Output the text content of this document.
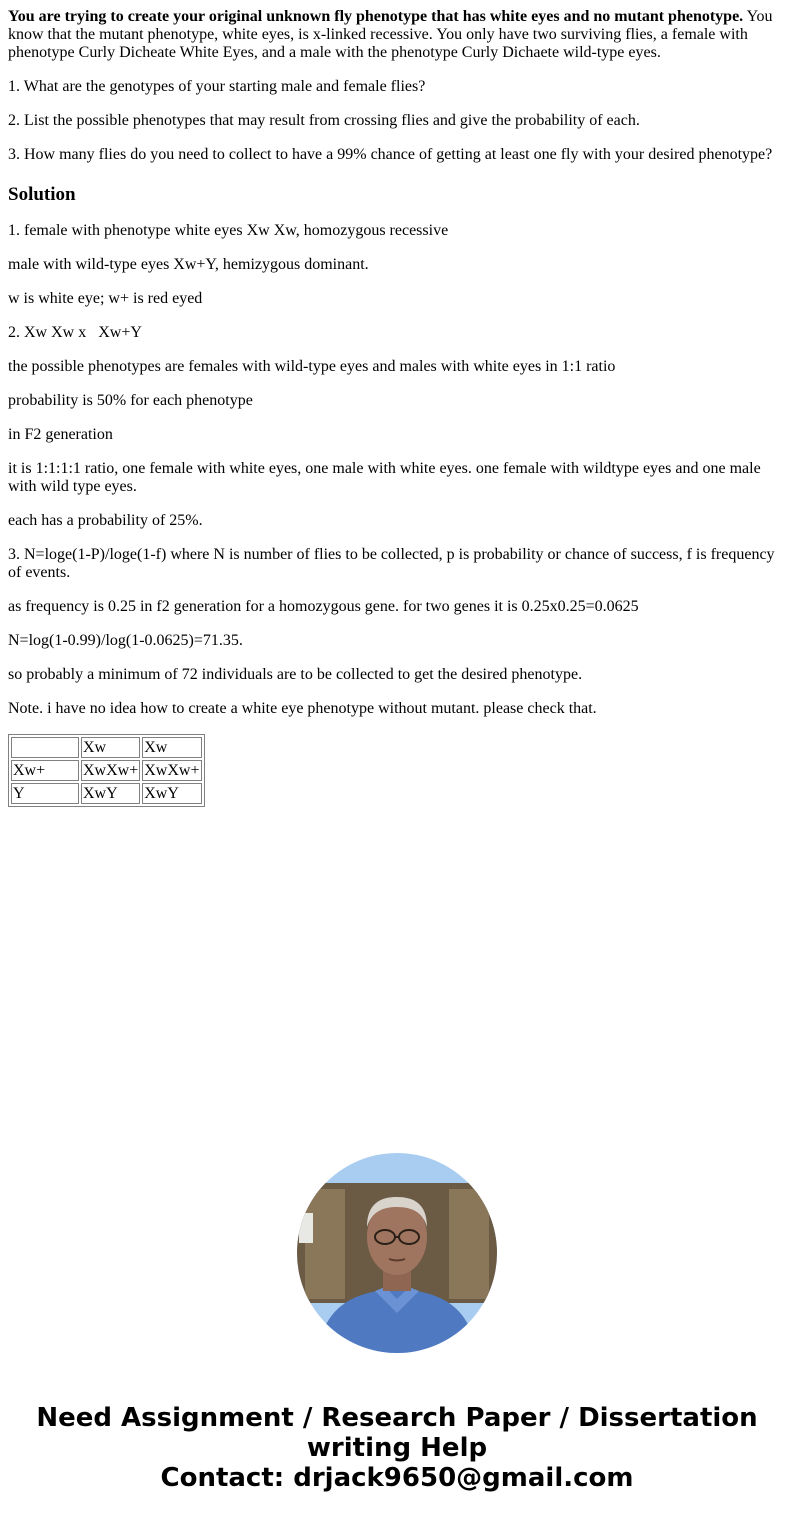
You are trying to create your original unknown fly phenotype that has white eyes and no mutant phenotype. You know that the mutant phenotype, white eyes, is x-linked recessive. You only have two surviving flies, a female with phenotype Curly Dicheate White Eyes, and a male with the phenotype Curly Dichaete wild-type eyes.

1. What are the genotypes of your starting male and female flies?

2. List the possible phenotypes that may result from crossing flies and give the probability of each.

3. How many flies do you need to collect to have a 99% chance of getting at least one fly with your desired phenotype?

Solution

1. female with phenotype white eyes Xw Xw, homozygous recessive

male with wild-type eyes Xw+Y, hemizygous dominant.

w is white eye; w+ is red eyed

2. Xw Xw x   Xw+Y

the possible phenotypes are females with wild-type eyes and males with white eyes in 1:1 ratio

probability is 50% for each phenotype

in F2 generation

it is 1:1:1:1 ratio, one female with white eyes, one male with white eyes. one female with wildtype eyes and one male with wild type eyes.

each has a probability of 25%.

3. N=loge(1-P)/loge(1-f) where N is number of flies to be collected, p is probability or chance of success, f is frequency of events.

as frequency is 0.25 in f2 generation for a homozygous gene. for two genes it is 0.25x0.25=0.0625

N=log(1-0.99)/log(1-0.0625)=71.35.

so probably a minimum of 72 individuals are to be collected to get the desired phenotype.

Note. i have no idea how to create a white eye phenotype without mutant. please check that.

	Xw	Xw
Xw+	XwXw+	XwXw+
Y	XwY	XwY
Need Assignment / Research Paper / Dissertation
writing Help
Contact: drjack9650@gmail.com
